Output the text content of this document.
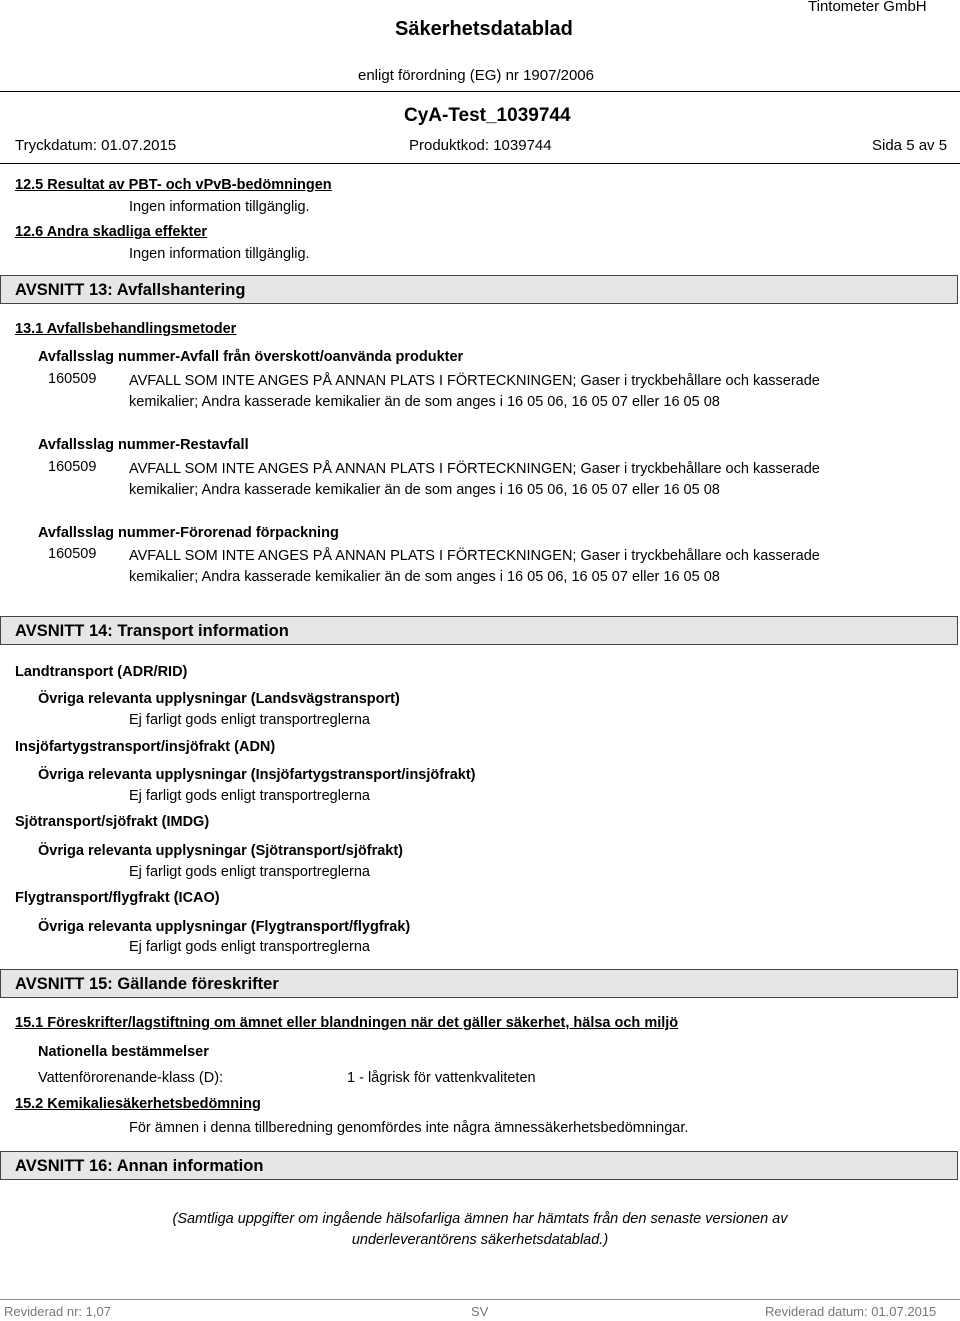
Säkerhetsdatablad
Tintometer GmbH
enligt förordning (EG) nr 1907/2006
CyA-Test_1039744
Tryckdatum: 01.07.2015	Produktkod: 1039744	Sida 5 av 5
12.5 Resultat av PBT- och vPvB-bedömningen
Ingen information tillgänglig.
12.6 Andra skadliga effekter
Ingen information tillgänglig.
AVSNITT 13: Avfallshantering
13.1 Avfallsbehandlingsmetoder
Avfallsslag nummer-Avfall från överskott/oanvända produkter
160509 AVFALL SOM INTE ANGES PÅ ANNAN PLATS I FÖRTECKNINGEN; Gaser i tryckbehållare och kasserade kemikalier; Andra kasserade kemikalier än de som anges i 16 05 06, 16 05 07 eller 16 05 08
Avfallsslag nummer-Restavfall
160509 AVFALL SOM INTE ANGES PÅ ANNAN PLATS I FÖRTECKNINGEN; Gaser i tryckbehållare och kasserade kemikalier; Andra kasserade kemikalier än de som anges i 16 05 06, 16 05 07 eller 16 05 08
Avfallsslag nummer-Förorenad förpackning
160509 AVFALL SOM INTE ANGES PÅ ANNAN PLATS I FÖRTECKNINGEN; Gaser i tryckbehållare och kasserade kemikalier; Andra kasserade kemikalier än de som anges i 16 05 06, 16 05 07 eller 16 05 08
AVSNITT 14: Transport information
Landtransport (ADR/RID)
Övriga relevanta upplysningar (Landsvägstransport)
Ej farligt gods enligt transportreglerna
Insjöfartygstransport/insjöfrakt (ADN)
Övriga relevanta upplysningar (Insjöfartygstransport/insjöfrakt)
Ej farligt gods enligt transportreglerna
Sjötransport/sjöfrakt (IMDG)
Övriga relevanta upplysningar (Sjötransport/sjöfrakt)
Ej farligt gods enligt transportreglerna
Flygtransport/flygfrakt (ICAO)
Övriga relevanta upplysningar (Flygtransport/flygfrak)
Ej farligt gods enligt transportreglerna
AVSNITT 15: Gällande föreskrifter
15.1 Föreskrifter/lagstiftning om ämnet eller blandningen när det gäller säkerhet, hälsa och miljö
Nationella bestämmelser
Vattenförorenande-klass (D):	1 - lågrisk för vattenkvaliteten
15.2 Kemikaliesäkerhetsbedömning
För ämnen i denna tillberedning genomfördes inte några ämnessäkerhetsbedömningar.
AVSNITT 16: Annan information
(Samtliga uppgifter om ingående hälsofarliga ämnen har hämtats från den senaste versionen av
underleverantörens säkerhetsdatablad.)
Reviderad nr: 1,07	SV	Reviderad datum: 01.07.2015
